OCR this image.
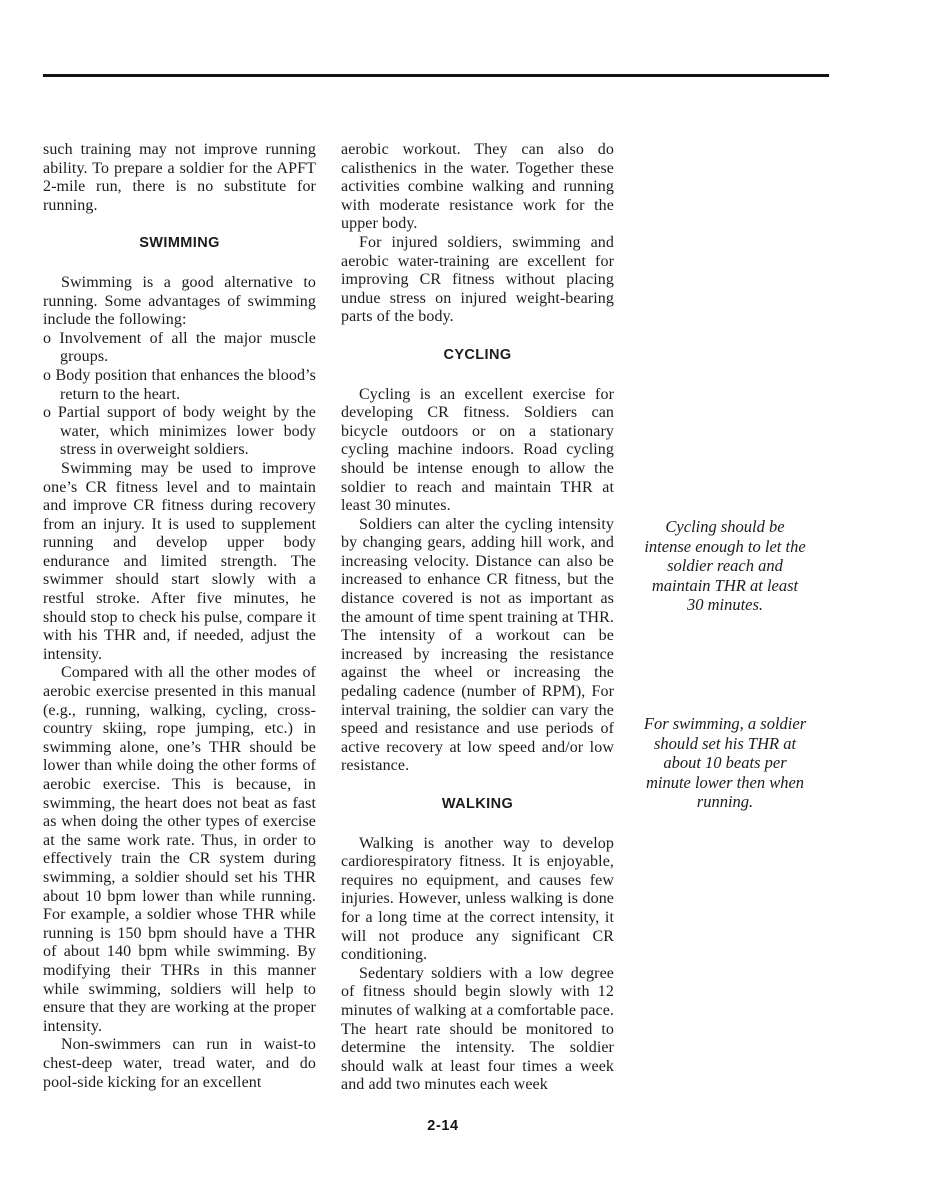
such training may not improve running ability. To prepare a soldier for the APFT 2-mile run, there is no substitute for running.

SWIMMING

Swimming is a good alternative to running. Some advantages of swimming include the following:

o Involvement of all the major muscle groups.
o Body position that enhances the blood’s return to the heart.
o Partial support of body weight by the water, which minimizes lower body stress in overweight soldiers.

Swimming may be used to improve one’s CR fitness level and to maintain and improve CR fitness during recovery from an injury. It is used to supplement running and develop upper body endurance and limited strength. The swimmer should start slowly with a restful stroke. After five minutes, he should stop to check his pulse, compare it with his THR and, if needed, adjust the intensity.

Compared with all the other modes of aerobic exercise presented in this manual (e.g., running, walking, cycling, cross-country skiing, rope jumping, etc.) in swimming alone, one’s THR should be lower than while doing the other forms of aerobic exercise. This is because, in swimming, the heart does not beat as fast as when doing the other types of exercise at the same work rate. Thus, in order to effectively train the CR system during swimming, a soldier should set his THR about 10 bpm lower than while running. For example, a soldier whose THR while running is 150 bpm should have a THR of about 140 bpm while swimming. By modifying their THRs in this manner while swimming, soldiers will help to ensure that they are working at the proper intensity.

Non-swimmers can run in waist-to chest-deep water, tread water, and do pool-side kicking for an excellent

aerobic workout. They can also do calisthenics in the water. Together these activities combine walking and running with moderate resistance work for the upper body.

For injured soldiers, swimming and aerobic water-training are excellent for improving CR fitness without placing undue stress on injured weight-bearing parts of the body.

CYCLING

Cycling is an excellent exercise for developing CR fitness. Soldiers can bicycle outdoors or on a stationary cycling machine indoors. Road cycling should be intense enough to allow the soldier to reach and maintain THR at least 30 minutes.

Soldiers can alter the cycling intensity by changing gears, adding hill work, and increasing velocity. Distance can also be increased to enhance CR fitness, but the distance covered is not as important as the amount of time spent training at THR. The intensity of a workout can be increased by increasing the resistance against the wheel or increasing the pedaling cadence (number of RPM), For interval training, the soldier can vary the speed and resistance and use periods of active recovery at low speed and/or low resistance.

WALKING

Walking is another way to develop cardiorespiratory fitness. It is enjoyable, requires no equipment, and causes few injuries. However, unless walking is done for a long time at the correct intensity, it will not produce any significant CR conditioning.

Sedentary soldiers with a low degree of fitness should begin slowly with 12 minutes of walking at a comfortable pace. The heart rate should be monitored to determine the intensity. The soldier should walk at least four times a week and add two minutes each week

Cycling should be
intense enough to let the
soldier reach and
maintain THR at least
30 minutes.
For swimming, a soldier
should set his THR at
about 10 beats per
minute lower then when
running.
2-14
